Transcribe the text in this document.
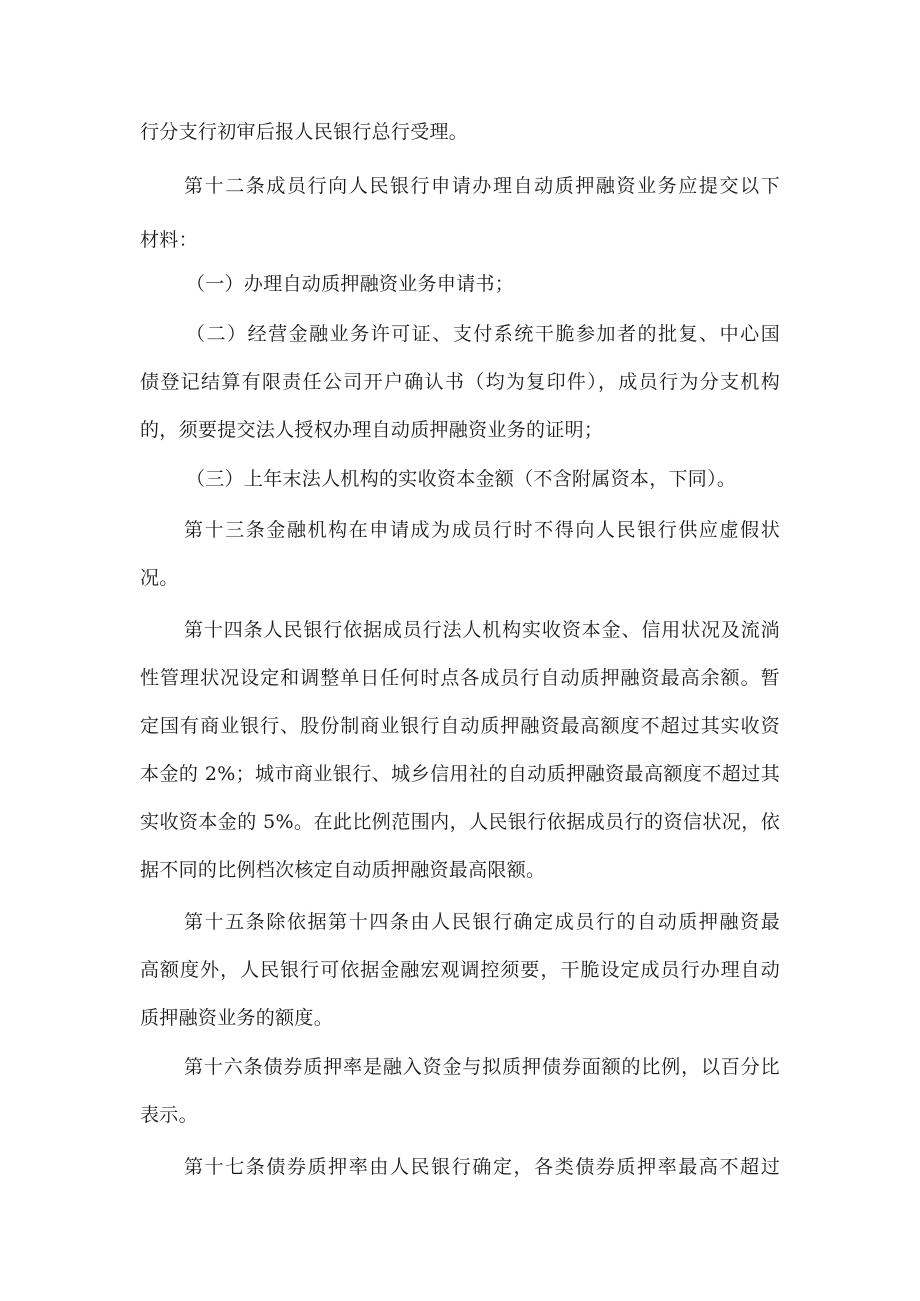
行分支行初审后报人民银行总行受理。
第十二条成员行向人民银行申请办理自动质押融资业务应提交以下
材料：
（一）办理自动质押融资业务申请书；
（二）经营金融业务许可证、支付系统干脆参加者的批复、中心国
债登记结算有限责任公司开户确认书（均为复印件），成员行为分支机构
的，须要提交法人授权办理自动质押融资业务的证明；
（三）上年末法人机构的实收资本金额（不含附属资本，下同）。
第十三条金融机构在申请成为成员行时不得向人民银行供应虚假状
况。
第十四条人民银行依据成员行法人机构实收资本金、信用状况及流淌
性管理状况设定和调整单日任何时点各成员行自动质押融资最高余额。暂
定国有商业银行、股份制商业银行自动质押融资最高额度不超过其实收资
本金的 2%；城市商业银行、城乡信用社的自动质押融资最高额度不超过其
实收资本金的 5%。在此比例范围内，人民银行依据成员行的资信状况，依
据不同的比例档次核定自动质押融资最高限额。
第十五条除依据第十四条由人民银行确定成员行的自动质押融资最
高额度外，人民银行可依据金融宏观调控须要，干脆设定成员行办理自动
质押融资业务的额度。
第十六条债券质押率是融入资金与拟质押债券面额的比例，以百分比
表示。
第十七条债券质押率由人民银行确定，各类债券质押率最高不超过
